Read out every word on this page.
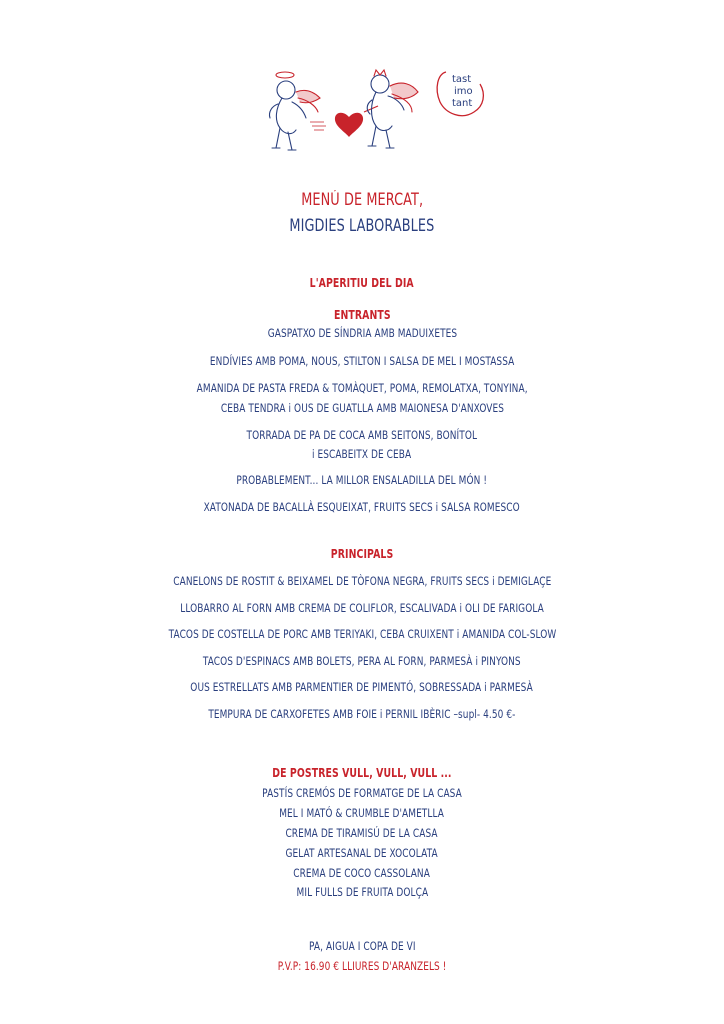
tast
imo
tant
MENÚ DE MERCAT,
MIGDIES LABORABLES
L'APERITIU DEL DIA
ENTRANTS
GASPATXO DE SÍNDRIA AMB MADUIXETES
ENDÍVIES AMB POMA, NOUS, STILTON I SALSA DE MEL I MOSTASSA
AMANIDA DE PASTA FREDA & TOMÀQUET, POMA, REMOLATXA, TONYINA,
CEBA TENDRA i OUS DE GUATLLA AMB MAIONESA D'ANXOVES
TORRADA DE PA DE COCA AMB SEITONS, BONÍTOL
i ESCABEITX DE CEBA
PROBABLEMENT... LA MILLOR ENSALADILLA DEL MÓN !
XATONADA DE BACALLÀ ESQUEIXAT, FRUITS SECS i SALSA ROMESCO
PRINCIPALS
CANELONS DE ROSTIT & BEIXAMEL DE TÒFONA NEGRA, FRUITS SECS i DEMIGLAÇE
LLOBARRO AL FORN AMB CREMA DE COLIFLOR, ESCALIVADA i OLI DE FARIGOLA
TACOS DE COSTELLA DE PORC AMB TERIYAKI, CEBA CRUIXENT i AMANIDA COL-SLOW
TACOS D'ESPINACS AMB BOLETS, PERA AL FORN, PARMESÀ i PINYONS
OUS ESTRELLATS AMB PARMENTIER DE PIMENTÓ, SOBRESSADA i PARMESÀ
TEMPURA DE CARXOFETES AMB FOIE i PERNIL IBÈRIC –supl- 4.50 €-
DE POSTRES VULL, VULL, VULL ...
PASTÍS CREMÓS DE FORMATGE DE LA CASA
MEL I MATÓ & CRUMBLE D'AMETLLA
CREMA DE TIRAMISÚ DE LA CASA
GELAT ARTESANAL DE XOCOLATA
CREMA DE COCO CASSOLANA
MIL FULLS DE FRUITA DOLÇA
PA, AIGUA I COPA DE VI
P.V.P: 16.90 € LLIURES D'ARANZELS !
